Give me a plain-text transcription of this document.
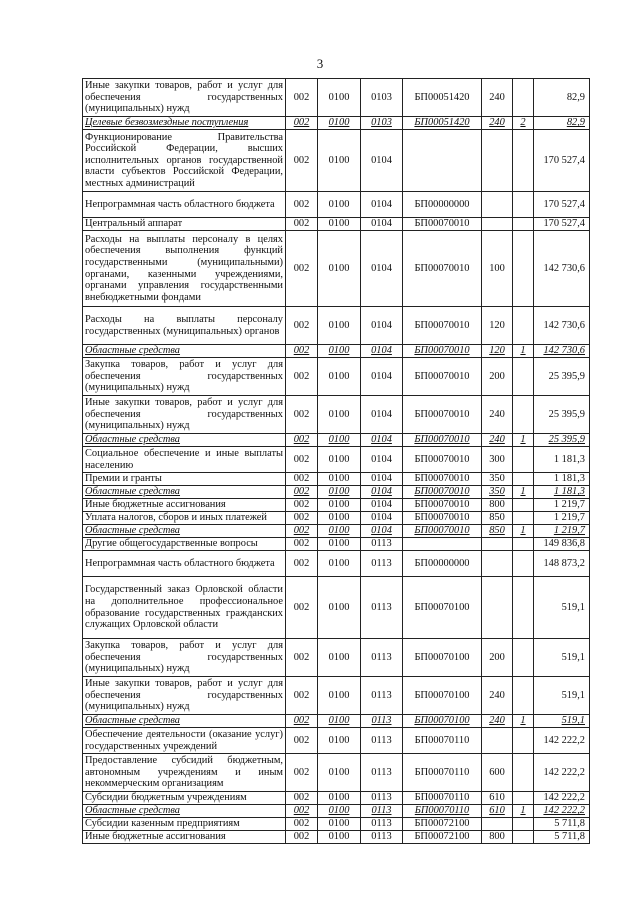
3
Иные закупки товаров, работ и услуг для обеспечения государственных (муниципальных) нужд	002	0100	0103	БП00051420	240		82,9
Целевые безвозмездные поступления	002	0100	0103	БП00051420	240	2	82,9
Функционирование Правительства Российской Федерации, высших исполнительных органов государственной власти субъектов Российской Федерации, местных администраций	002	0100	0104				170 527,4
Непрограммная часть областного бюджета	002	0100	0104	БП00000000			170 527,4
Центральный аппарат	002	0100	0104	БП00070010			170 527,4
Расходы на выплаты персоналу в целях обеспечения выполнения функций государственными (муниципальными) органами, казенными учреждениями, органами управления государственными внебюджетными фондами	002	0100	0104	БП00070010	100		142 730,6
Расходы на выплаты персоналу государственных (муниципальных) органов	002	0100	0104	БП00070010	120		142 730,6
Областные средства	002	0100	0104	БП00070010	120	1	142 730,6
Закупка товаров, работ и услуг для обеспечения государственных (муниципальных) нужд	002	0100	0104	БП00070010	200		25 395,9
Иные закупки товаров, работ и услуг для обеспечения государственных (муниципальных) нужд	002	0100	0104	БП00070010	240		25 395,9
Областные средства	002	0100	0104	БП00070010	240	1	25 395,9
Социальное обеспечение и иные выплаты населению	002	0100	0104	БП00070010	300		1 181,3
Премии и гранты	002	0100	0104	БП00070010	350		1 181,3
Областные средства	002	0100	0104	БП00070010	350	1	1 181,3
Иные бюджетные ассигнования	002	0100	0104	БП00070010	800		1 219,7
Уплата налогов, сборов и иных платежей	002	0100	0104	БП00070010	850		1 219,7
Областные средства	002	0100	0104	БП00070010	850	1	1 219,7
Другие общегосударственные вопросы	002	0100	0113				149 836,8
Непрограммная часть областного бюджета	002	0100	0113	БП00000000			148 873,2
Государственный заказ Орловской области на дополнительное профессиональное образование государственных гражданских служащих Орловской области	002	0100	0113	БП00070100			519,1
Закупка товаров, работ и услуг для обеспечения государственных (муниципальных) нужд	002	0100	0113	БП00070100	200		519,1
Иные закупки товаров, работ и услуг для обеспечения государственных (муниципальных) нужд	002	0100	0113	БП00070100	240		519,1
Областные средства	002	0100	0113	БП00070100	240	1	519,1
Обеспечение деятельности (оказание услуг) государственных учреждений	002	0100	0113	БП00070110			142 222,2
Предоставление субсидий бюджетным, автономным учреждениям и иным некоммерческим организациям	002	0100	0113	БП00070110	600		142 222,2
Субсидии бюджетным учреждениям	002	0100	0113	БП00070110	610		142 222,2
Областные средства	002	0100	0113	БП00070110	610	1	142 222,2
Субсидии казенным предприятиям	002	0100	0113	БП00072100			5 711,8
Иные бюджетные ассигнования	002	0100	0113	БП00072100	800		5 711,8
